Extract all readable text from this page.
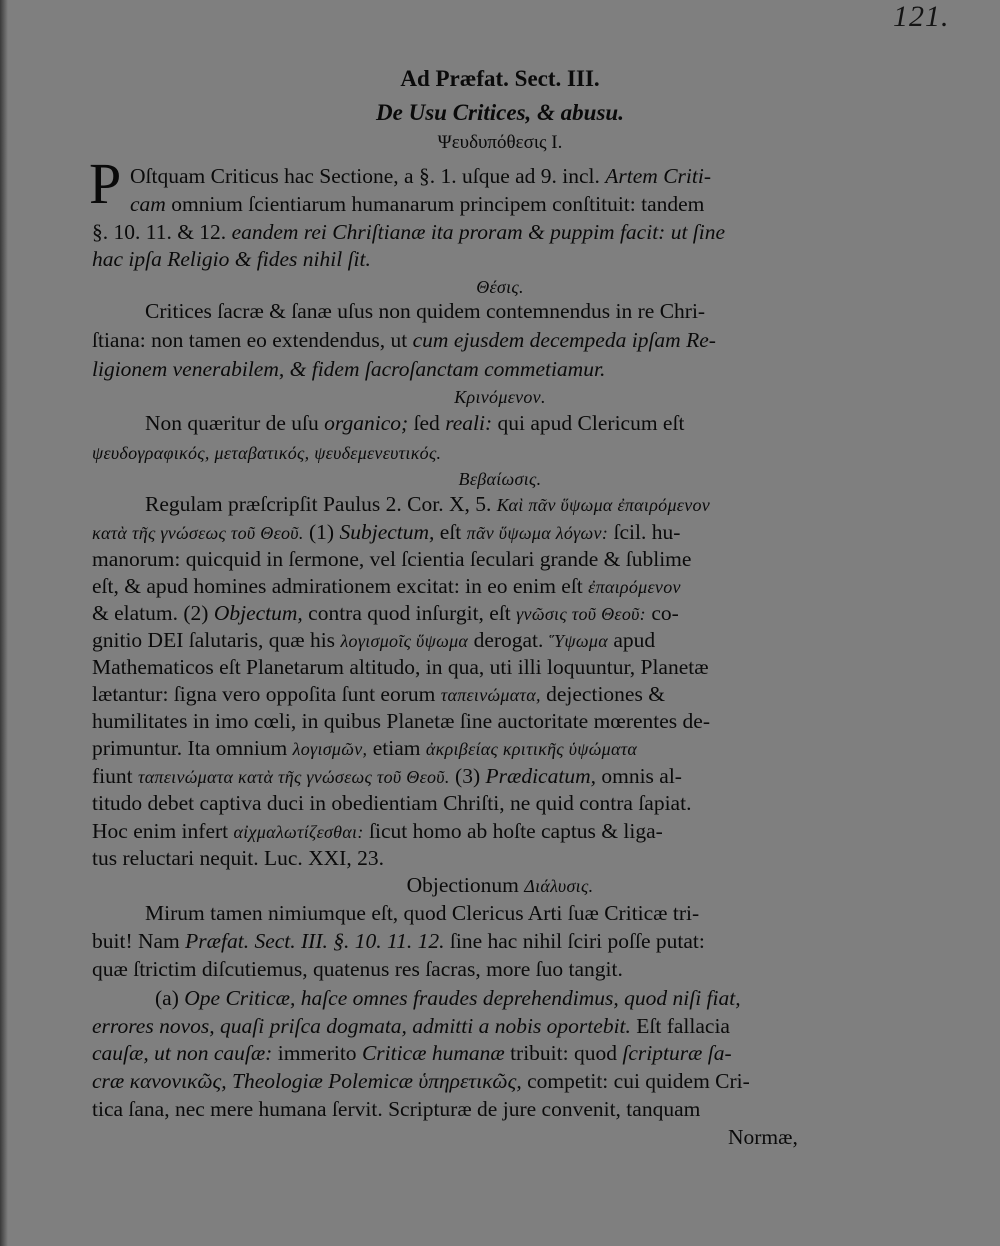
121.
Ad Præfat. Sect. III.
De Usu Critices, & abusu.
Ψευδυπόθεσις I.
P Oſtquam Criticus hac Sectione, a §. 1. uſque ad 9. incl. Artem Criti-
cam omnium ſcientiarum humanarum principem conſtituit: tandem
§. 10. 11. & 12. eandem rei Chriſtianæ ita proram & puppim facit: ut ſine
hac ipſa Religio & fides nihil ſit.
Θέσις.
Critices ſacræ & ſanæ uſus non quidem contemnendus in re Chri-
ſtiana: non tamen eo extendendus, ut cum ejusdem decempeda ipſam Re-
ligionem venerabilem, & fidem ſacroſanctam commetiamur.
Κρινόμενον.
Non quæritur de uſu organico; ſed reali: qui apud Clericum eſt
ψευδογραφικός, μεταβατικός, ψευδεμενευτικός.
Βεβαίωσις.
Regulam præſcripſit Paulus 2. Cor. X, 5. Καὶ πᾶν ὕψωμα ἐπαιρόμενον
κατὰ τῆς γνώσεως τοῦ Θεοῦ. (1) Subjectum, eſt πᾶν ὕψωμα λόγων: ſcil. hu-
manorum: quicquid in ſermone, vel ſcientia ſeculari grande & ſublime
eſt, & apud homines admirationem excitat: in eo enim eſt ἐπαιρόμενον
& elatum. (2) Objectum, contra quod inſurgit, eſt γνῶσις τοῦ Θεοῦ: co-
gnitio DEI ſalutaris, quæ his λογισμοῖς ὕψωμα derogat. Ὕψωμα apud
Mathematicos eſt Planetarum altitudo, in qua, uti illi loquuntur, Planetæ
lætantur: ſigna vero oppoſita ſunt eorum ταπεινώματα, dejectiones &
humilitates in imo cœli, in quibus Planetæ ſine auctoritate mœrentes de-
primuntur. Ita omnium λογισμῶν, etiam ἀκριβείας κριτικῆς ὑψώματα
fiunt ταπεινώματα κατὰ τῆς γνώσεως τοῦ Θεοῦ. (3) Prædicatum, omnis al-
titudo debet captiva duci in obedientiam Chriſti, ne quid contra ſapiat.
Hoc enim infert αἰχμαλωτίζεσθαι: ſicut homo ab hoſte captus & liga-
tus reluctari nequit. Luc. XXI, 23.
Objectionum Διάλυσις.
Mirum tamen nimiumque eſt, quod Clericus Arti ſuæ Criticæ tri-
buit! Nam Præfat. Sect. III. §. 10. 11. 12. ſine hac nihil ſciri poſſe putat:
quæ ſtrictim diſcutiemus, quatenus res ſacras, more ſuo tangit.
(a) Ope Criticæ, haſce omnes fraudes deprehendimus, quod niſi fiat,
errores novos, quaſi priſca dogmata, admitti a nobis oportebit. Eſt fallacia
cauſæ, ut non cauſæ: immerito Criticæ humanæ tribuit: quod ſcripturæ ſa-
cræ κανονικῶς, Theologiæ Polemicæ ὑπηρετικῶς, competit: cui quidem Cri-
tica ſana, nec mere humana ſervit. Scripturæ de jure convenit, tanquam
Normæ,
